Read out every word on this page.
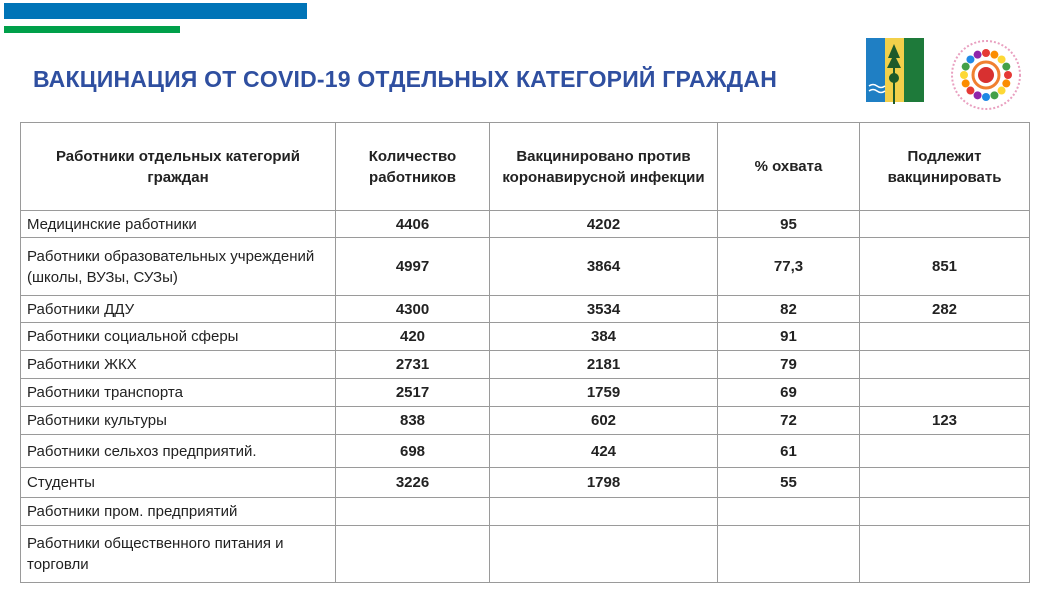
ВАКЦИНАЦИЯ ОТ COVID-19 ОТДЕЛЬНЫХ КАТЕГОРИЙ ГРАЖДАН
Работники отдельных категорий граждан	Количество работников	Вакцинировано против коронавирусной инфекции	% охвата	Подлежит вакцинировать
Медицинские работники	4406	4202	95	
Работники образовательных учреждений (школы, ВУЗы, СУЗы)	4997	3864	77,3	851
Работники ДДУ	4300	3534	82	282
Работники социальной сферы	420	384	91	
Работники ЖКХ	2731	2181	79	
Работники транспорта	2517	1759	69	
Работники культуры	838	602	72	123
Работники сельхоз предприятий.	698	424	61	
Студенты	3226	1798	55	
Работники пром. предприятий				
Работники общественного питания и торговли				
